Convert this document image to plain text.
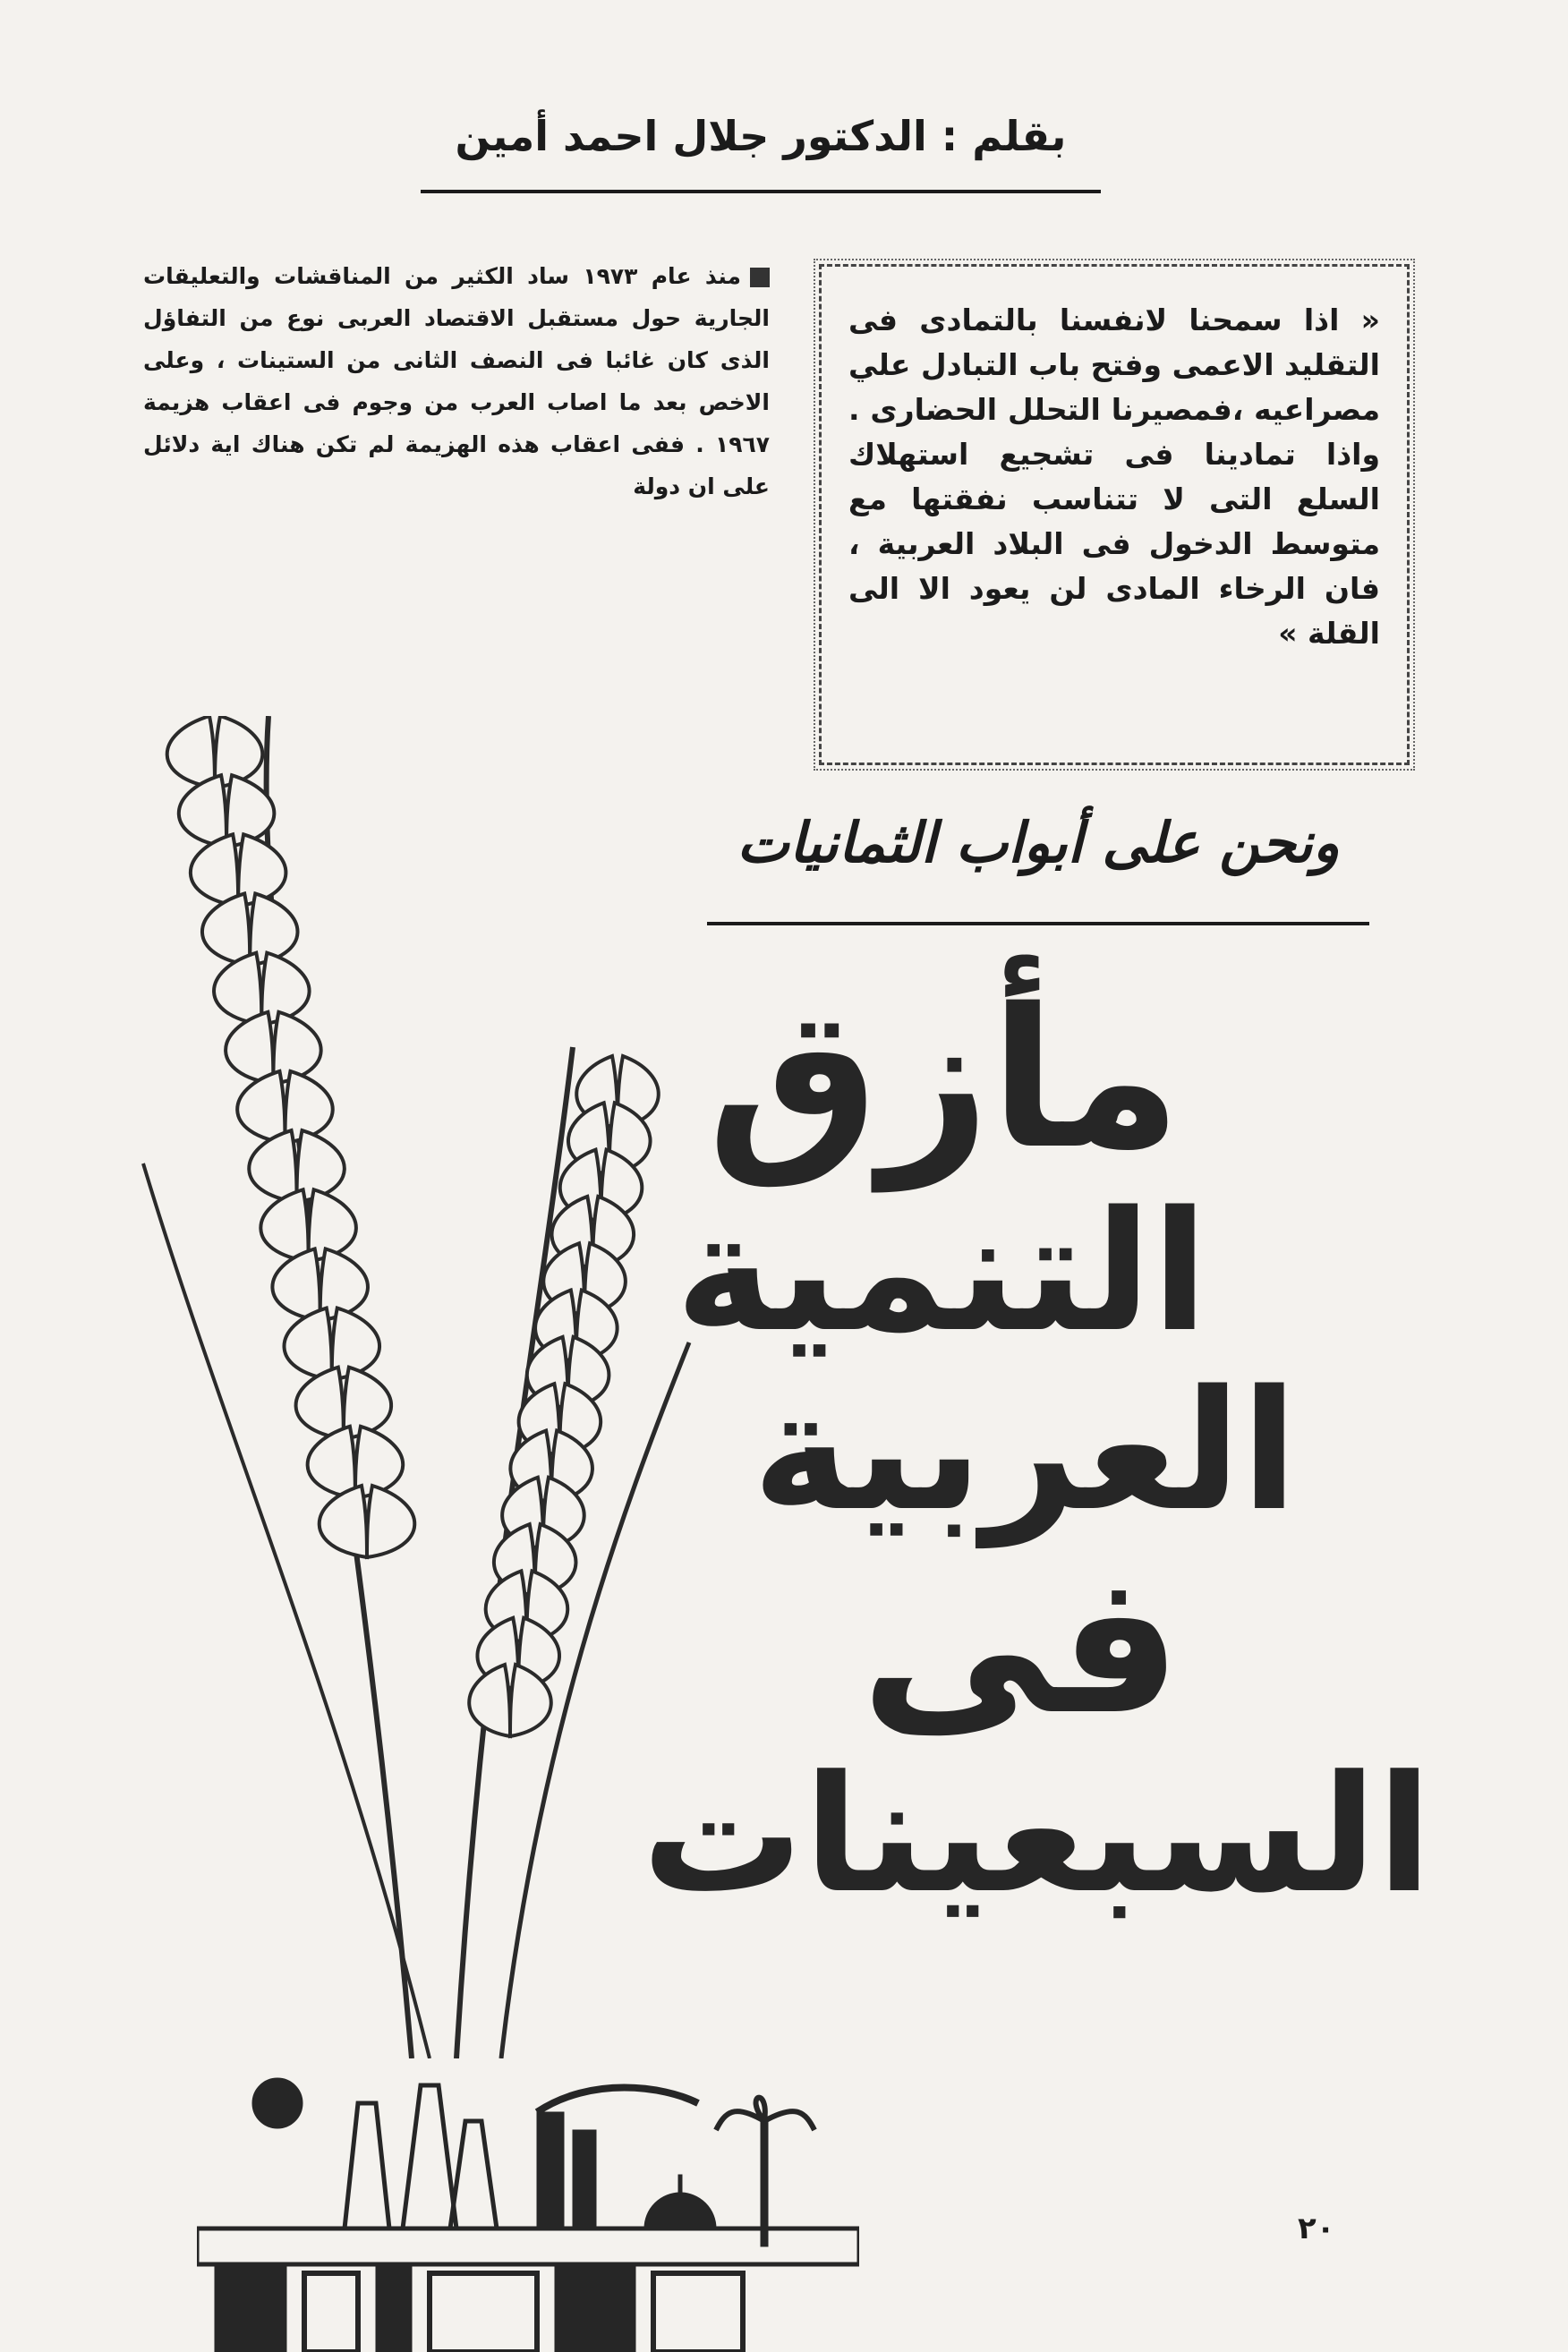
بقلم : الدكتور جلال احمد أمين
منذ عام ١٩٧٣ ساد الكثير من المناقشات والتعليقات الجارية حول مستقبل الاقتصاد العربى نوع من التفاؤل الذى كان غائبا فى النصف الثانى من الستينات ، وعلى الاخص بعد ما اصاب العرب من وجوم فى اعقاب هزيمة ١٩٦٧ . ففى اعقاب هذه الهزيمة لم تكن هناك اية دلائل على ان دولة
« اذا سمحنا لانفسنا بالتمادى فى التقليد الاعمى وفتح باب التبادل علي مصراعيه ،فمصيرنا التحلل الحضارى . واذا تمادينا فى تشجيع استهلاك السلع التى لا تتناسب نفقتها مع متوسط الدخول فى البلاد العربية ، فان الرخاء المادى لن يعود الا الى القلة »
ونحن على أبواب الثمانيات
مأزق
التنمية
العربية
فى
السبعينات
٢٠
